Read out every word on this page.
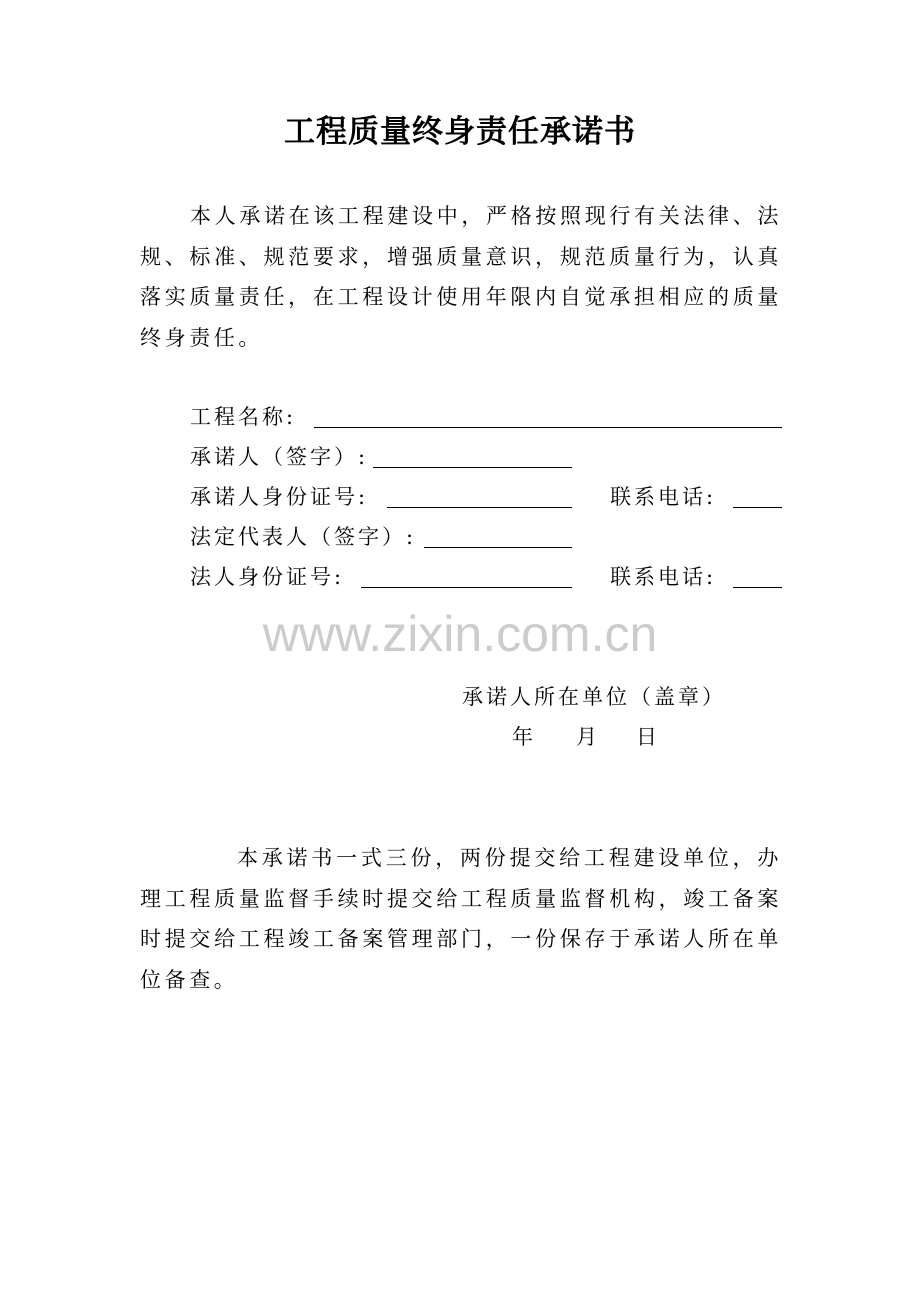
工程质量终身责任承诺书

本人承诺在该工程建设中，严格按照现行有关法律、法规、标准、规范要求，增强质量意识，规范质量行为，认真落实质量责任，在工程设计使用年限内自觉承担相应的质量终身责任。

工程名称:
承诺人（签字）:
承诺人身份证号:	联系电话:
法定代表人（签字）:
法人身份证号:	联系电话:
www.zixin.com.cn
承诺人所在单位（盖章）
年 月 日

本承诺书一式三份，两份提交给工程建设单位，办理工程质量监督手续时提交给工程质量监督机构，竣工备案时提交给工程竣工备案管理部门，一份保存于承诺人所在单位备查。
